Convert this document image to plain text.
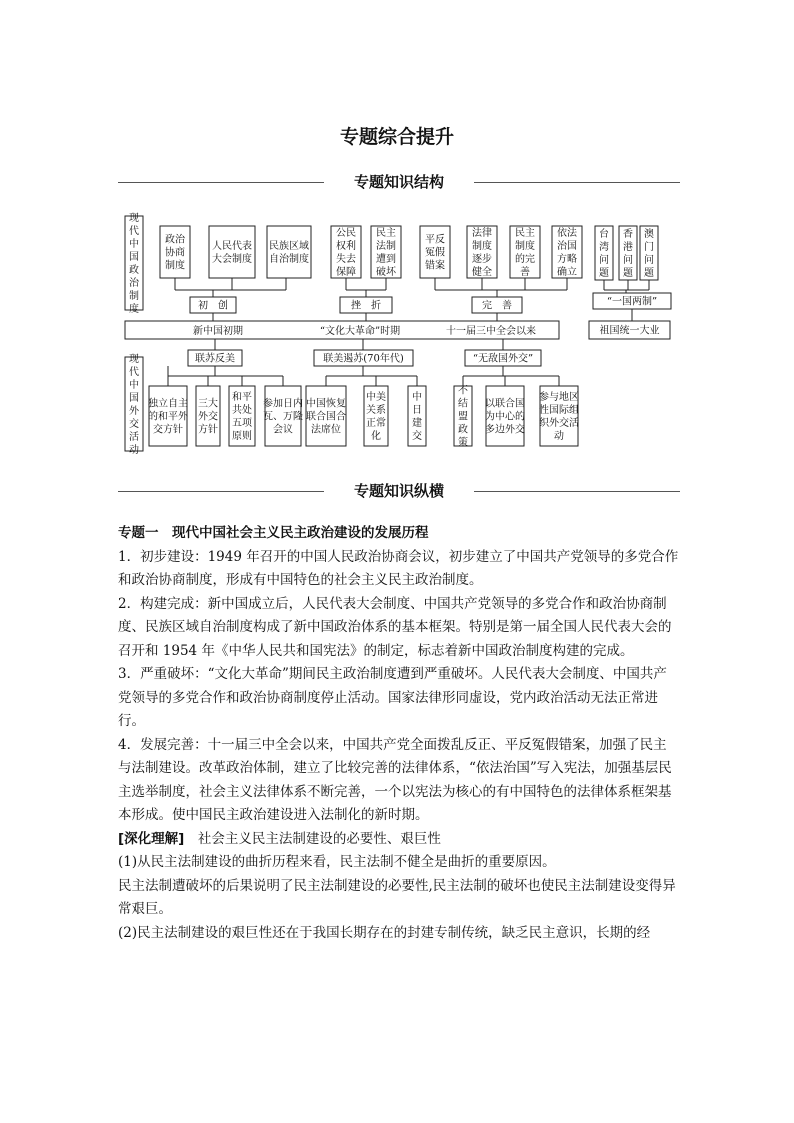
专题综合提升
专题知识结构
现代中国政治制度
现代中国外交活动
政治协商制度
人民代表大会制度
民族区域自治制度
公民权利失去保障
民主法制遭到破坏
平反冤假错案
法律制度逐步健全
民主制度的完善
依法治国方略确立
台湾问题
香港问题
澳门问题
初　创	挫　折	完　善
新中国初期	“文化大革命”时期	十一届三中全会以来
“一国两制”
祖国统一大业
联苏反美	联美遏苏(70年代)	“无敌国外交”
独立自主的和平外交方针
三大外交方针
和平共处五项原则
参加日内瓦、万隆会议
中国恢复联合国合法席位
中美关系正常化
中日建交
不结盟政策
以联合国为中心的多边外交
参与地区性国际组织外交活动
专题知识纵横

专题一　现代中国社会主义民主政治建设的发展历程

1．初步建设：1949 年召开的中国人民政治协商会议，初步建立了中国共产党领导的多党合作和政治协商制度，形成有中国特色的社会主义民主政治制度。

2．构建完成：新中国成立后，人民代表大会制度、中国共产党领导的多党合作和政治协商制度、民族区域自治制度构成了新中国政治体系的基本框架。特别是第一届全国人民代表大会的召开和 1954 年《中华人民共和国宪法》的制定，标志着新中国政治制度构建的完成。

3．严重破坏：“文化大革命”期间民主政治制度遭到严重破坏。人民代表大会制度、中国共产党领导的多党合作和政治协商制度停止活动。国家法律形同虚设，党内政治活动无法正常进行。

4．发展完善：十一届三中全会以来，中国共产党全面拨乱反正、平反冤假错案，加强了民主与法制建设。改革政治体制，建立了比较完善的法律体系，“依法治国”写入宪法，加强基层民主选举制度，社会主义法律体系不断完善，一个以宪法为核心的有中国特色的法律体系框架基本形成。使中国民主政治建设进入法制化的新时期。

[深化理解]　社会主义民主法制建设的必要性、艰巨性

(1)从民主法制建设的曲折历程来看，民主法制不健全是曲折的重要原因。

民主法制遭破坏的后果说明了民主法制建设的必要性,民主法制的破坏也使民主法制建设变得异常艰巨。

(2)民主法制建设的艰巨性还在于我国长期存在的封建专制传统，缺乏民主意识，长期的经
